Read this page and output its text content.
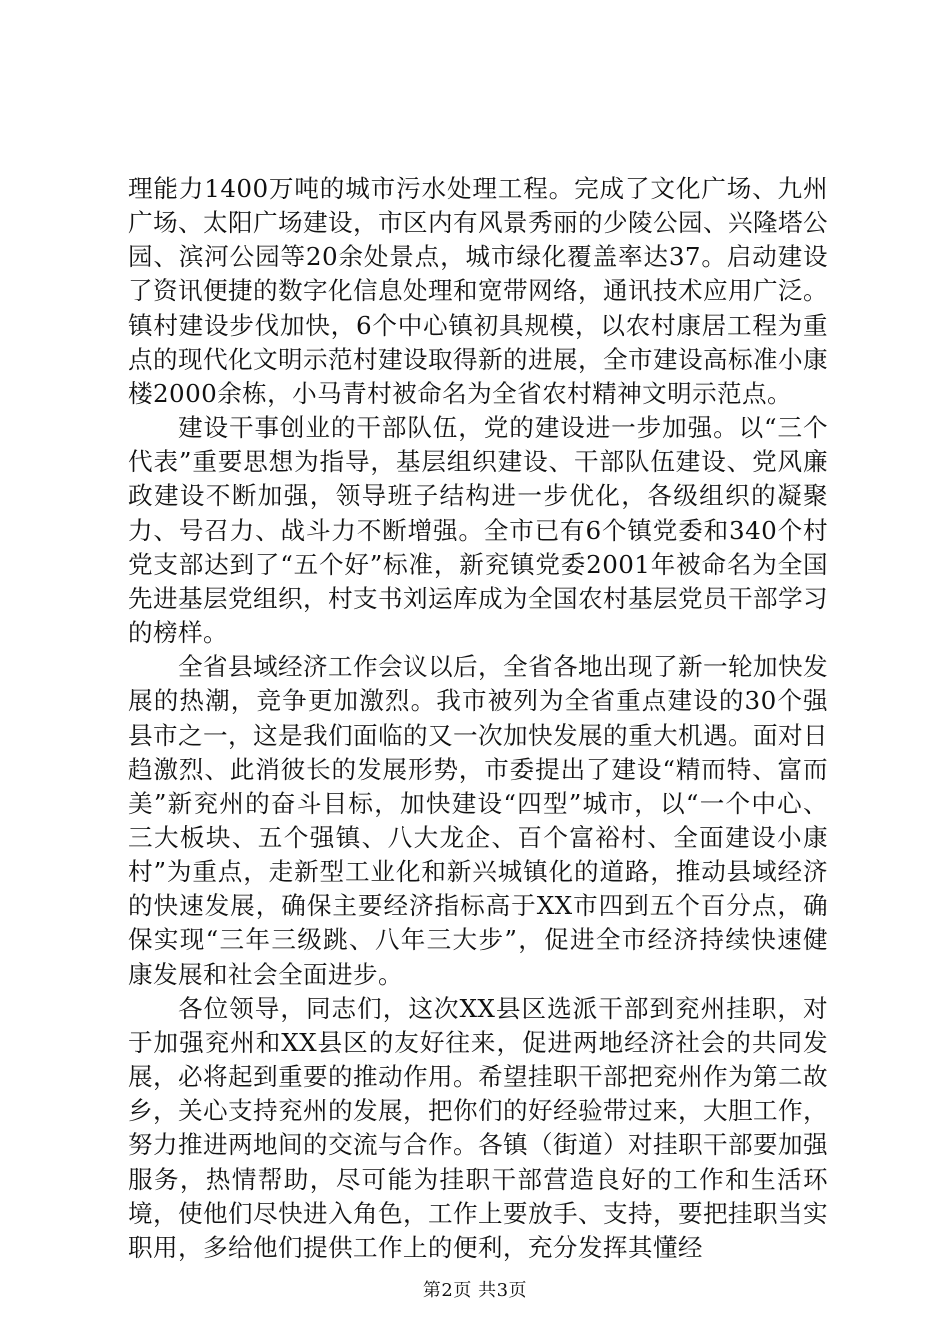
理能力1400万吨的城市污水处理工程。完成了文化广场、九州广场、太阳广场建设，市区内有风景秀丽的少陵公园、兴隆塔公园、滨河公园等20余处景点，城市绿化覆盖率达37。启动建设了资讯便捷的数字化信息处理和宽带网络，通讯技术应用广泛。镇村建设步伐加快，6个中心镇初具规模，以农村康居工程为重点的现代化文明示范村建设取得新的进展，全市建设高标准小康楼2000余栋，小马青村被命名为全省农村精神文明示范点。

建设干事创业的干部队伍，党的建设进一步加强。以“三个代表”重要思想为指导，基层组织建设、干部队伍建设、党风廉政建设不断加强，领导班子结构进一步优化，各级组织的凝聚力、号召力、战斗力不断增强。全市已有6个镇党委和340个村党支部达到了“五个好”标准，新兖镇党委2001年被命名为全国先进基层党组织，村支书刘运库成为全国农村基层党员干部学习的榜样。

全省县域经济工作会议以后，全省各地出现了新一轮加快发展的热潮，竞争更加激烈。我市被列为全省重点建设的30个强县市之一，这是我们面临的又一次加快发展的重大机遇。面对日趋激烈、此消彼长的发展形势，市委提出了建设“精而特、富而美”新兖州的奋斗目标，加快建设“四型”城市，以“一个中心、三大板块、五个强镇、八大龙企、百个富裕村、全面建设小康村”为重点，走新型工业化和新兴城镇化的道路，推动县域经济的快速发展，确保主要经济指标高于XX市四到五个百分点，确保实现“三年三级跳、八年三大步”，促进全市经济持续快速健康发展和社会全面进步。

各位领导，同志们，这次XX县区选派干部到兖州挂职，对于加强兖州和XX县区的友好往来，促进两地经济社会的共同发展，必将起到重要的推动作用。希望挂职干部把兖州作为第二故乡，关心支持兖州的发展，把你们的好经验带过来，大胆工作，努力推进两地间的交流与合作。各镇（街道）对挂职干部要加强服务，热情帮助，尽可能为挂职干部营造良好的工作和生活环境，使他们尽快进入角色，工作上要放手、支持，要把挂职当实职用，多给他们提供工作上的便利，充分发挥其懂经

第2页 共3页
